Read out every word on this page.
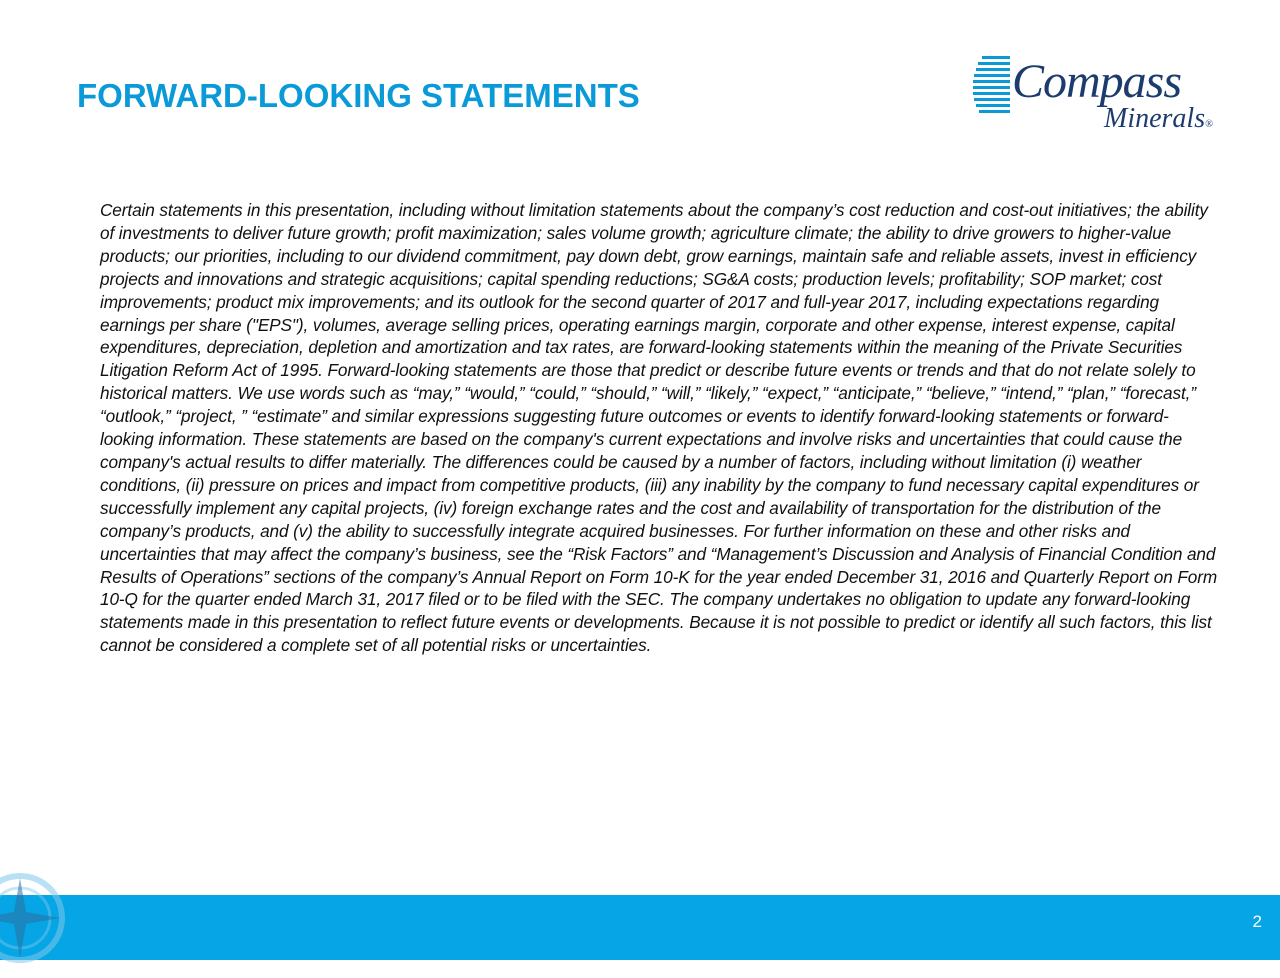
FORWARD-LOOKING STATEMENTS	Compass
Minerals®

Certain statements in this presentation, including without limitation statements about the company’s cost reduction and cost-out initiatives; the ability of investments to deliver future growth; profit maximization; sales volume growth; agriculture climate; the ability to drive growers to higher-value products; our priorities, including to our dividend commitment, pay down debt, grow earnings, maintain safe and reliable assets, invest in efficiency projects and innovations and strategic acquisitions; capital spending reductions; SG&A costs; production levels; profitability; SOP market; cost improvements; product mix improvements; and its outlook for the second quarter of 2017 and full-year 2017, including expectations regarding earnings per share ("EPS"), volumes, average selling prices, operating earnings margin, corporate and other expense, interest expense, capital expenditures, depreciation, depletion and amortization and tax rates, are forward-looking statements within the meaning of the Private Securities Litigation Reform Act of 1995. Forward-looking statements are those that predict or describe future events or trends and that do not relate solely to historical matters. We use words such as “may,” “would,” “could,” “should,” “will,” “likely,” “expect,” “anticipate,” “believe,” “intend,” “plan,” “forecast,” “outlook,” “project, ” “estimate” and similar expressions suggesting future outcomes or events to identify forward-looking statements or forward-looking information. These statements are based on the company's current expectations and involve risks and uncertainties that could cause the company's actual results to differ materially. The differences could be caused by a number of factors, including without limitation (i) weather conditions, (ii) pressure on prices and impact from competitive products, (iii) any inability by the company to fund necessary capital expenditures or successfully implement any capital projects, (iv) foreign exchange rates and the cost and availability of transportation for the distribution of the company’s products, and (v) the ability to successfully integrate acquired businesses. For further information on these and other risks and uncertainties that may affect the company’s business, see the “Risk Factors” and “Management’s Discussion and Analysis of Financial Condition and Results of Operations” sections of the company’s Annual Report on Form 10-K for the year ended December 31, 2016 and Quarterly Report on Form 10-Q for the quarter ended March 31, 2017 filed or to be filed with the SEC. The company undertakes no obligation to update any forward-looking statements made in this presentation to reflect future events or developments. Because it is not possible to predict or identify all such factors, this list cannot be considered a complete set of all potential risks or uncertainties.

2
